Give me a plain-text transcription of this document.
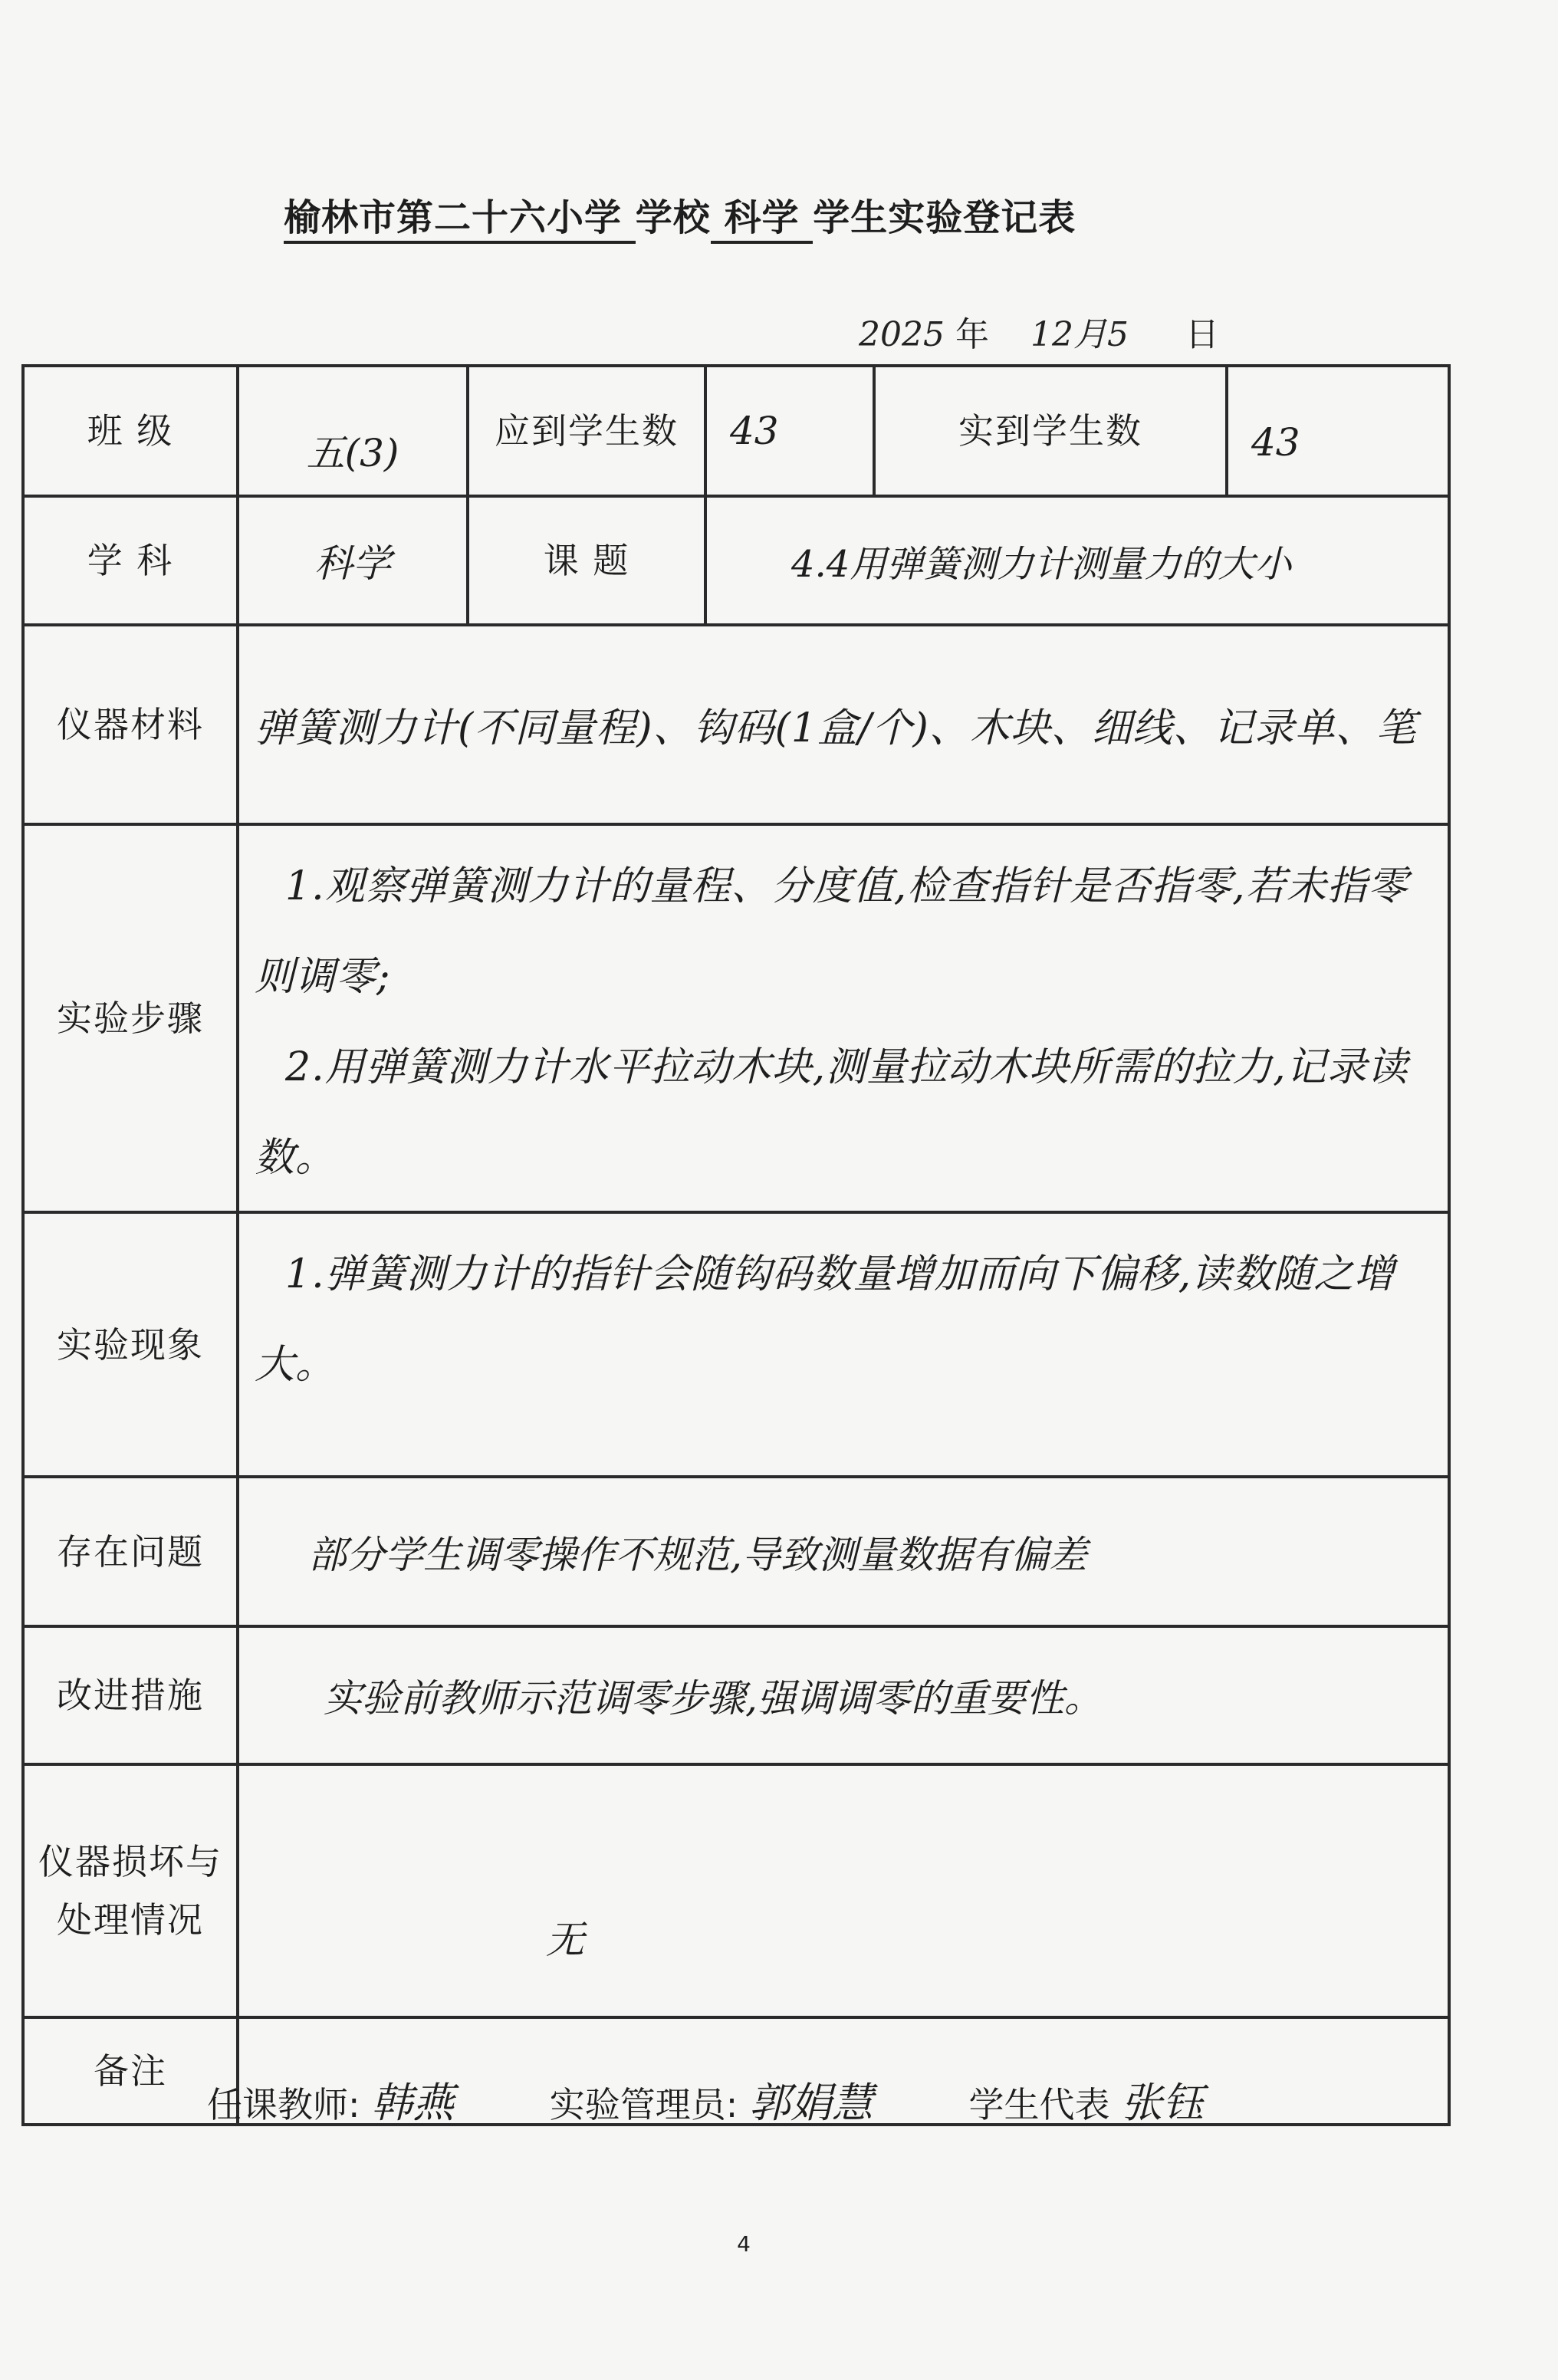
榆林市第二十六小学 学校 科学 学生实验登记表
2025 年 12月5 日
班 级	五(3)	应到学生数	43	实到学生数	43
学 科	科学	课 题	4.4用弹簧测力计测量力的大小		
仪器材料	弹簧测力计(不同量程)、钩码(1盒/个)、木块、细线、记录单、笔				
实验步骤	1.观察弹簧测力计的量程、分度值,检查指针是否指零,若未指零则调零;
2.用弹簧测力计水平拉动木块,测量拉动木块所需的拉力,记录读数。				

实验现象	1.弹簧测力计的指针会随钩码数量增加而向下偏移,读数随之增大。				
存在问题	部分学生调零操作不规范,导致测量数据有偏差				
改进措施	实验前教师示范调零步骤,强调调零的重要性。				
仪器损坏与处理情况	无				
备注					
任课教师: 韩燕	实验管理员: 郭娟慧	学生代表 张钰
4
